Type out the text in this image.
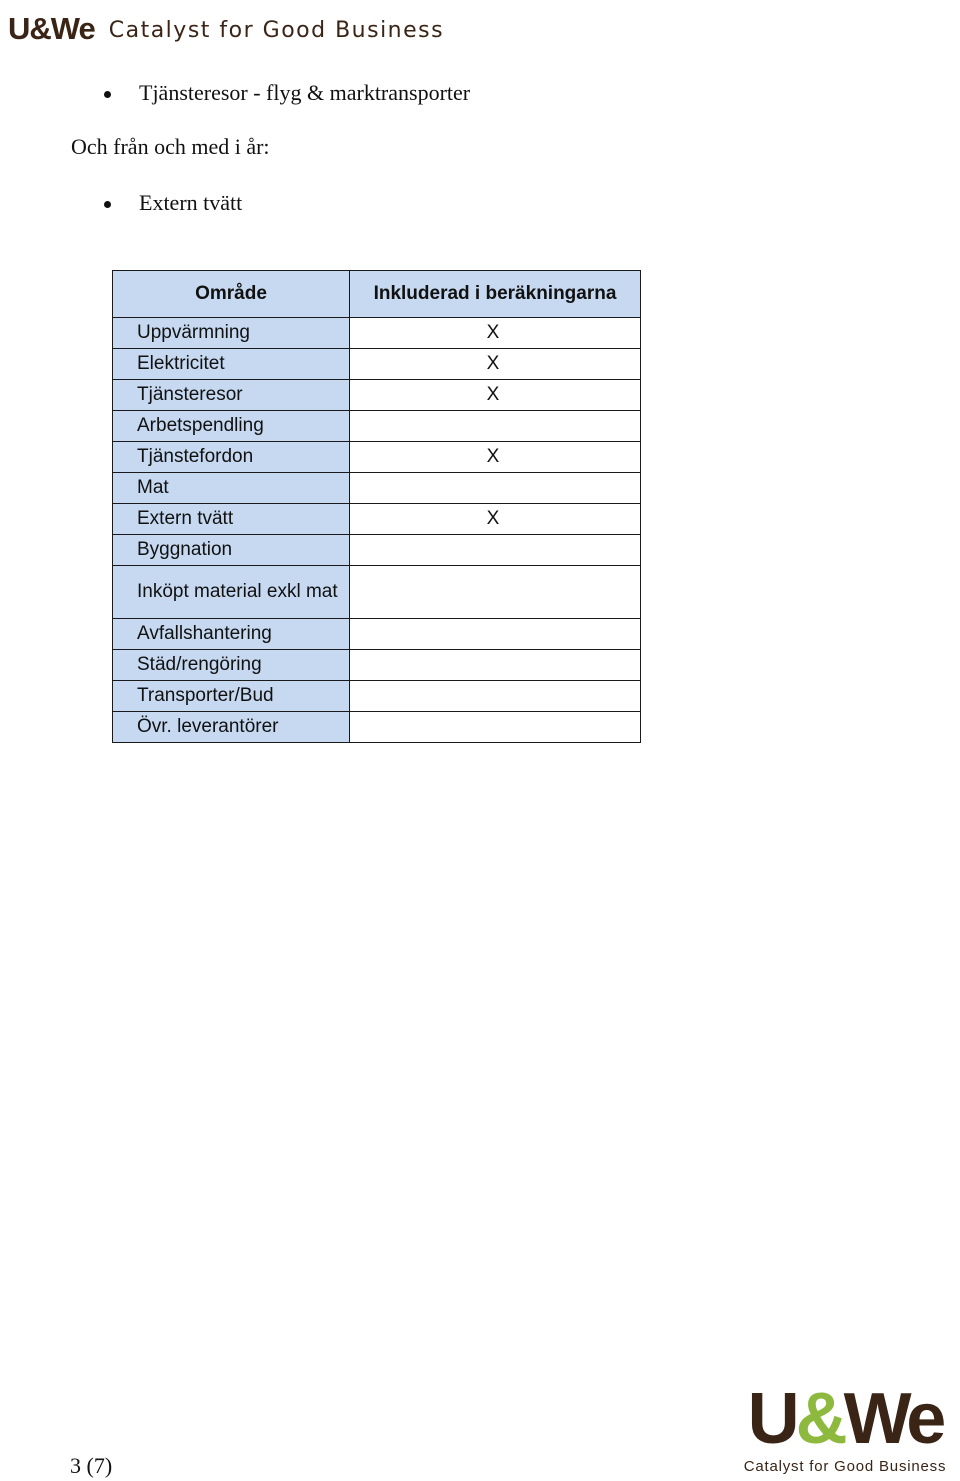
U&We Catalyst for Good Business
Tjänsteresor - flyg & marktransporter
Och från och med i år:
Extern tvätt
Område	Inkluderad i beräkningarna
Uppvärmning	X
Elektricitet	X
Tjänsteresor	X
Arbetspendling	
Tjänstefordon	X
Mat	
Extern tvätt	X
Byggnation	
Inköpt material exkl mat	
Avfallshantering	
Städ/rengöring	
Transporter/Bud	
Övr. leverantörer	
3 (7)
U&We
Catalyst for Good Business
